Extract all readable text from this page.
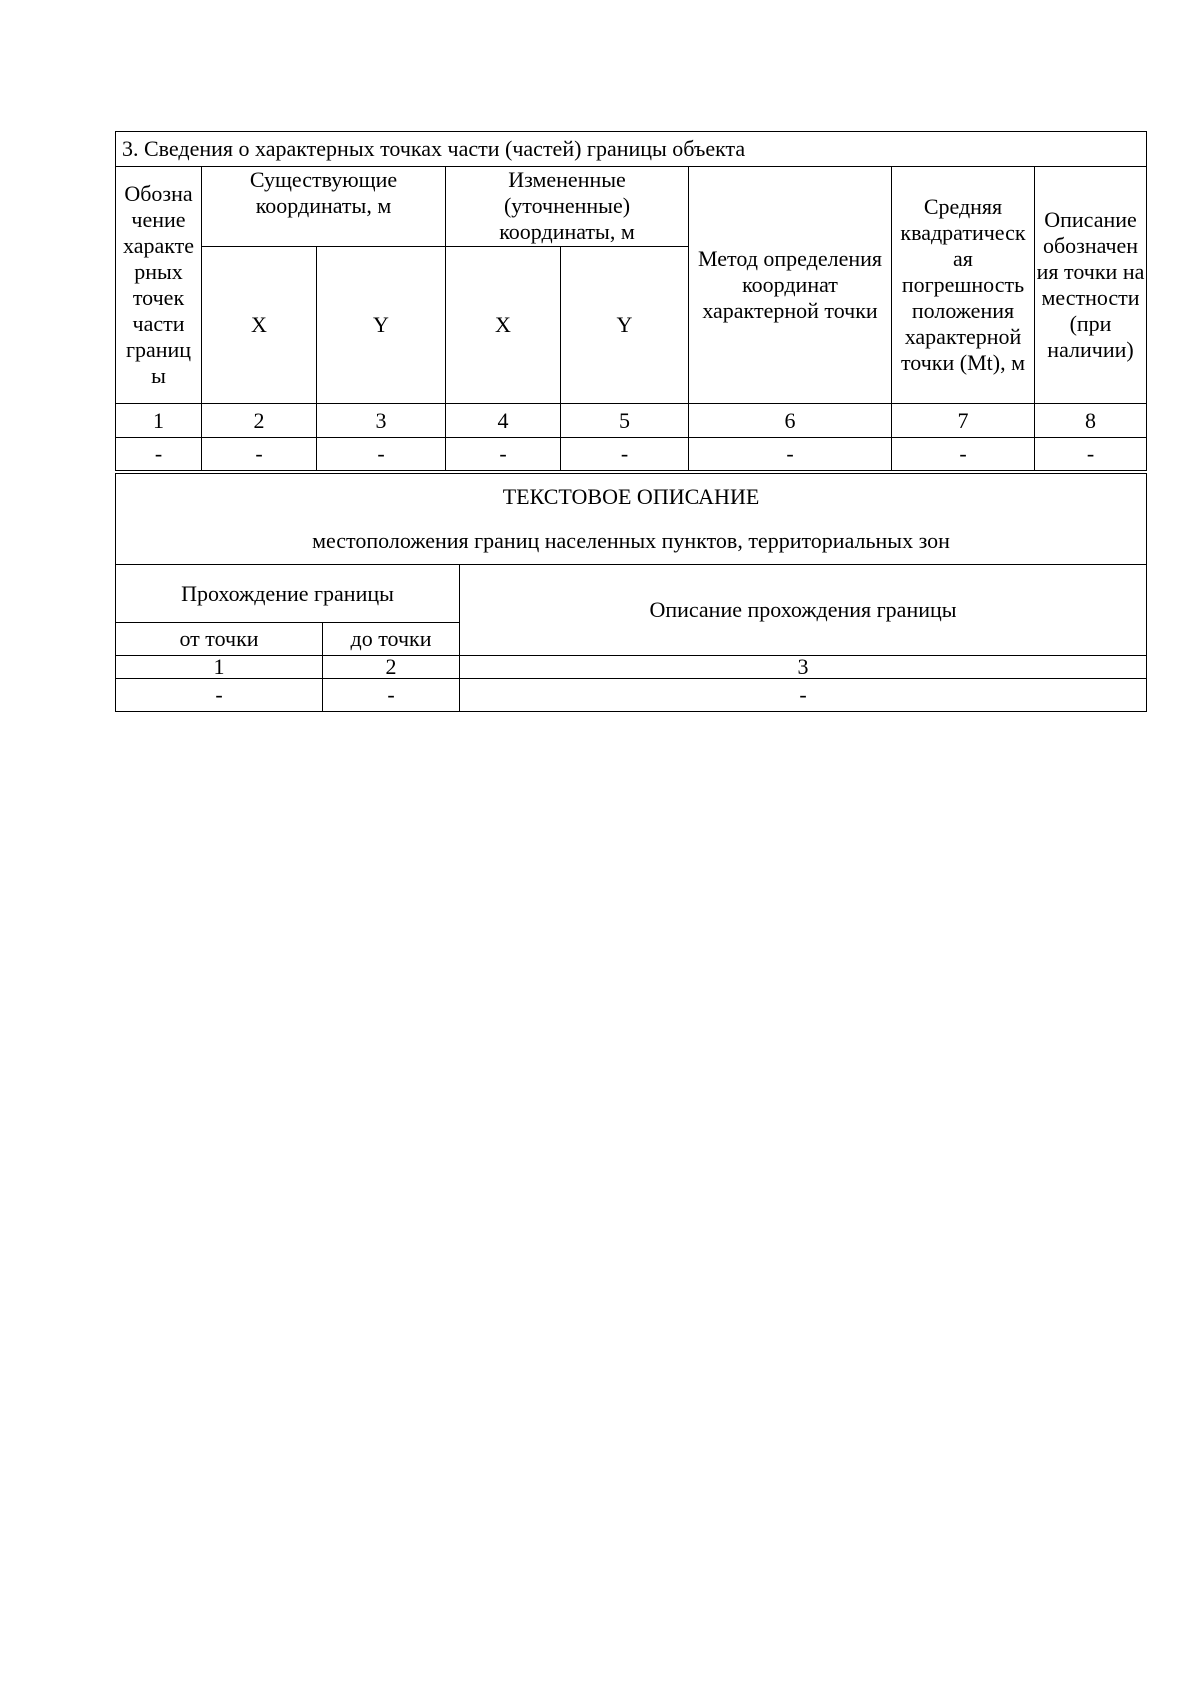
3. Сведения о характерных точках части (частей) границы объекта							
Обозна чение характе рных точек части границ ы	Существующие координаты, м		Измененные (уточненные) координаты, м		Метод определения координат характерной точки	Средняя квадратическ ая погрешность положения характерной точки (Mt), м	Описание обозначен ия точки на местности (при наличии)
	X	Y	X	Y			
1	2	3	4	5	6	7	8
-	-	-	-	-	-	-	-
ТЕКСТОВОЕ ОПИСАНИЕ
местоположения границ населенных пунктов, территориальных зон		

Прохождение границы		Описание прохождения границы
от точки	до точки	
1	2	3
-	-	-
